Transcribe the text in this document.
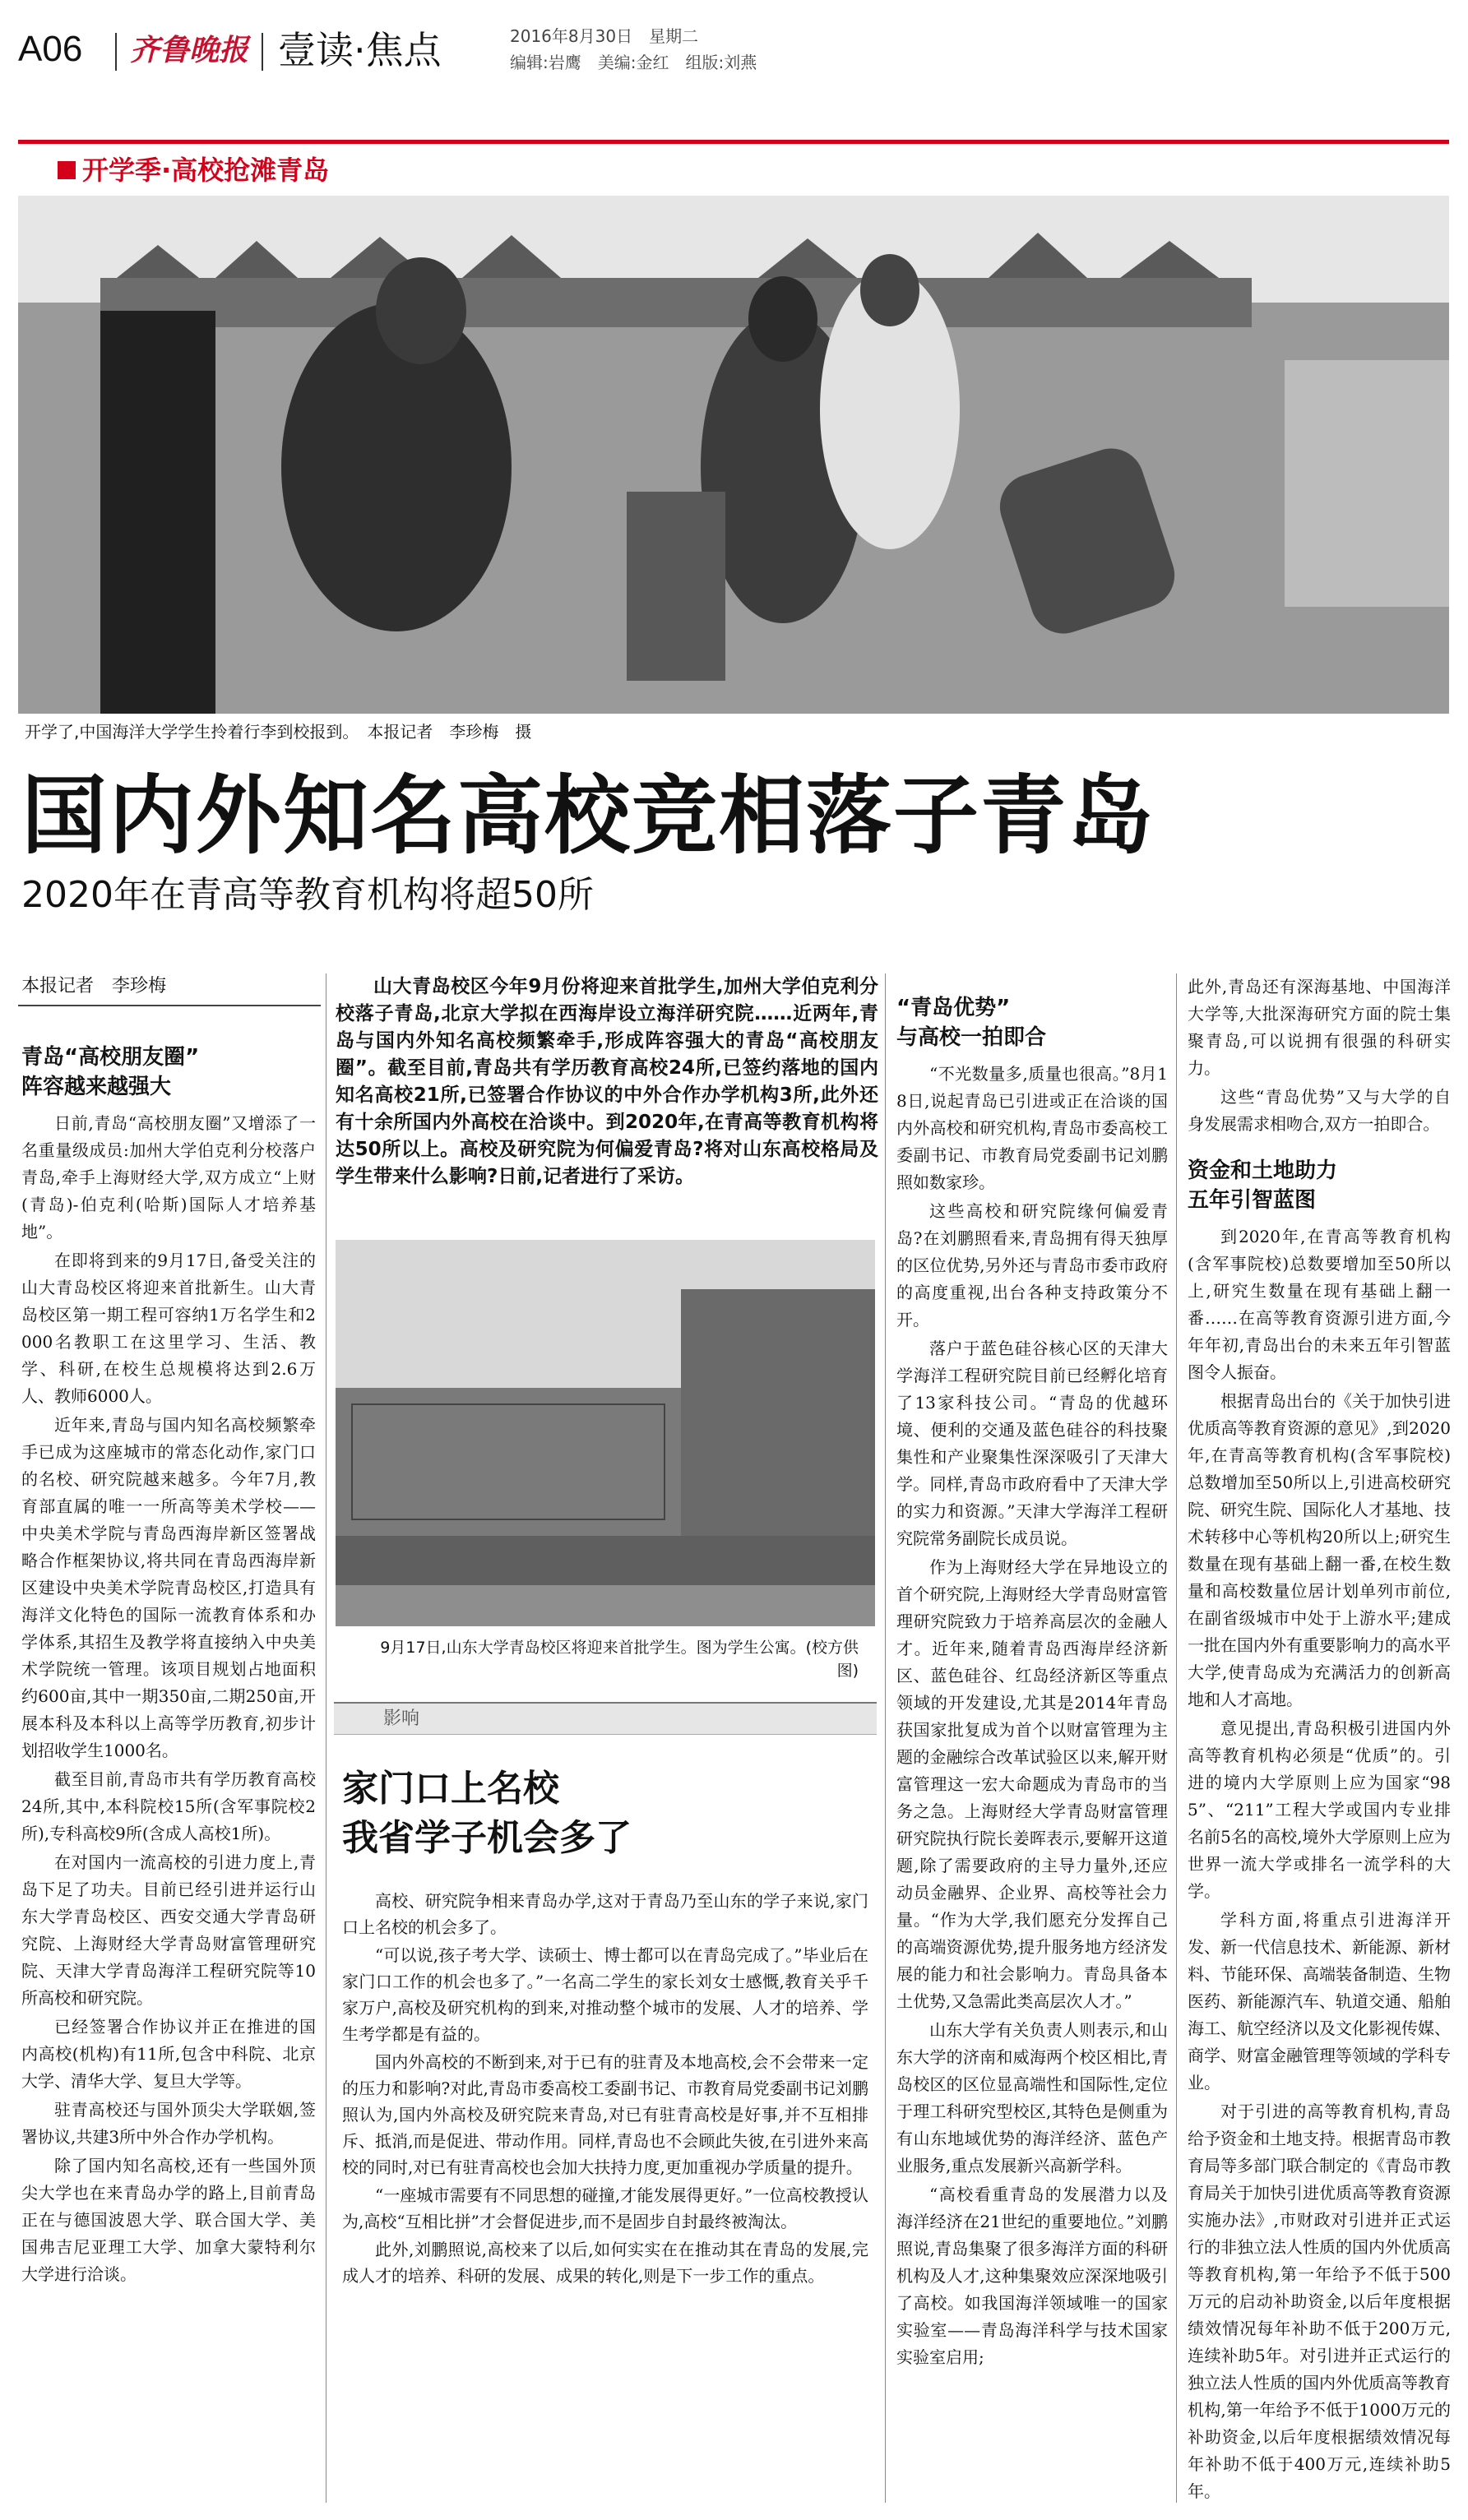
A06 齐鲁晚报 壹读·焦点	2016年8月30日　星期二
编辑:岩鹰　美编:金红　组版:刘燕
开学季·高校抢滩青岛
开学了,中国海洋大学学生拎着行李到校报到。　本报记者　李珍梅　摄
国内外知名高校竞相落子青岛
2020年在青高等教育机构将超50所
本报记者　李珍梅
青岛“高校朋友圈”
阵容越来越强大

日前,青岛“高校朋友圈”又增添了一名重量级成员:加州大学伯克利分校落户青岛,牵手上海财经大学,双方成立“上财(青岛)-伯克利(哈斯)国际人才培养基地”。

在即将到来的9月17日,备受关注的山大青岛校区将迎来首批新生。山大青岛校区第一期工程可容纳1万名学生和2000名教职工在这里学习、生活、教学、科研,在校生总规模将达到2.6万人、教师6000人。

近年来,青岛与国内知名高校频繁牵手已成为这座城市的常态化动作,家门口的名校、研究院越来越多。今年7月,教育部直属的唯一一所高等美术学校——中央美术学院与青岛西海岸新区签署战略合作框架协议,将共同在青岛西海岸新区建设中央美术学院青岛校区,打造具有海洋文化特色的国际一流教育体系和办学体系,其招生及教学将直接纳入中央美术学院统一管理。该项目规划占地面积约600亩,其中一期350亩,二期250亩,开展本科及本科以上高等学历教育,初步计划招收学生1000名。

截至目前,青岛市共有学历教育高校24所,其中,本科院校15所(含军事院校2所),专科高校9所(含成人高校1所)。

在对国内一流高校的引进力度上,青岛下足了功夫。目前已经引进并运行山东大学青岛校区、西安交通大学青岛研究院、上海财经大学青岛财富管理研究院、天津大学青岛海洋工程研究院等10所高校和研究院。

已经签署合作协议并正在推进的国内高校(机构)有11所,包含中科院、北京大学、清华大学、复旦大学等。

驻青高校还与国外顶尖大学联姻,签署协议,共建3所中外合作办学机构。

除了国内知名高校,还有一些国外顶尖大学也在来青岛办学的路上,目前青岛正在与德国波恩大学、联合国大学、美国弗吉尼亚理工大学、加拿大蒙特利尔大学进行洽谈。

山大青岛校区今年9月份将迎来首批学生,加州大学伯克利分校落子青岛,北京大学拟在西海岸设立海洋研究院……近两年,青岛与国内外知名高校频繁牵手,形成阵容强大的青岛“高校朋友圈”。截至目前,青岛共有学历教育高校24所,已签约落地的国内知名高校21所,已签署合作协议的中外合作办学机构3所,此外还有十余所国内外高校在洽谈中。到2020年,在青高等教育机构将达50所以上。高校及研究院为何偏爱青岛?将对山东高校格局及学生带来什么影响?日前,记者进行了采访。
9月17日,山东大学青岛校区将迎来首批学生。图为学生公寓。(校方供图)
影响
家门口上名校
我省学子机会多了

高校、研究院争相来青岛办学,这对于青岛乃至山东的学子来说,家门口上名校的机会多了。

“可以说,孩子考大学、读硕士、博士都可以在青岛完成了。”毕业后在家门口工作的机会也多了。”一名高二学生的家长刘女士感慨,教育关乎千家万户,高校及研究机构的到来,对推动整个城市的发展、人才的培养、学生考学都是有益的。

国内外高校的不断到来,对于已有的驻青及本地高校,会不会带来一定的压力和影响?对此,青岛市委高校工委副书记、市教育局党委副书记刘鹏照认为,国内外高校及研究院来青岛,对已有驻青高校是好事,并不互相排斥、抵消,而是促进、带动作用。同样,青岛也不会顾此失彼,在引进外来高校的同时,对已有驻青高校也会加大扶持力度,更加重视办学质量的提升。

“一座城市需要有不同思想的碰撞,才能发展得更好。”一位高校教授认为,高校“互相比拼”才会督促进步,而不是固步自封最终被淘汰。

此外,刘鹏照说,高校来了以后,如何实实在在推动其在青岛的发展,完成人才的培养、科研的发展、成果的转化,则是下一步工作的重点。

“青岛优势”
与高校一拍即合

“不光数量多,质量也很高。”8月18日,说起青岛已引进或正在洽谈的国内外高校和研究机构,青岛市委高校工委副书记、市教育局党委副书记刘鹏照如数家珍。

这些高校和研究院缘何偏爱青岛?在刘鹏照看来,青岛拥有得天独厚的区位优势,另外还与青岛市委市政府的高度重视,出台各种支持政策分不开。

落户于蓝色硅谷核心区的天津大学海洋工程研究院目前已经孵化培育了13家科技公司。“青岛的优越环境、便利的交通及蓝色硅谷的科技聚集性和产业聚集性深深吸引了天津大学。同样,青岛市政府看中了天津大学的实力和资源。”天津大学海洋工程研究院常务副院长成员说。

作为上海财经大学在异地设立的首个研究院,上海财经大学青岛财富管理研究院致力于培养高层次的金融人才。近年来,随着青岛西海岸经济新区、蓝色硅谷、红岛经济新区等重点领域的开发建设,尤其是2014年青岛获国家批复成为首个以财富管理为主题的金融综合改革试验区以来,解开财富管理这一宏大命题成为青岛市的当务之急。上海财经大学青岛财富管理研究院执行院长姜晖表示,要解开这道题,除了需要政府的主导力量外,还应动员金融界、企业界、高校等社会力量。“作为大学,我们愿充分发挥自己的高端资源优势,提升服务地方经济发展的能力和社会影响力。青岛具备本土优势,又急需此类高层次人才。”

山东大学有关负责人则表示,和山东大学的济南和威海两个校区相比,青岛校区的区位显高端性和国际性,定位于理工科研究型校区,其特色是侧重为有山东地域优势的海洋经济、蓝色产业服务,重点发展新兴高新学科。

“高校看重青岛的发展潜力以及海洋经济在21世纪的重要地位。”刘鹏照说,青岛集聚了很多海洋方面的科研机构及人才,这种集聚效应深深地吸引了高校。如我国海洋领域唯一的国家实验室——青岛海洋科学与技术国家实验室启用;

此外,青岛还有深海基地、中国海洋大学等,大批深海研究方面的院士集聚青岛,可以说拥有很强的科研实力。

这些“青岛优势”又与大学的自身发展需求相吻合,双方一拍即合。

资金和土地助力
五年引智蓝图

到2020年,在青高等教育机构(含军事院校)总数要增加至50所以上,研究生数量在现有基础上翻一番……在高等教育资源引进方面,今年年初,青岛出台的未来五年引智蓝图令人振奋。

根据青岛出台的《关于加快引进优质高等教育资源的意见》,到2020年,在青高等教育机构(含军事院校)总数增加至50所以上,引进高校研究院、研究生院、国际化人才基地、技术转移中心等机构20所以上;研究生数量在现有基础上翻一番,在校生数量和高校数量位居计划单列市前位,在副省级城市中处于上游水平;建成一批在国内外有重要影响力的高水平大学,使青岛成为充满活力的创新高地和人才高地。

意见提出,青岛积极引进国内外高等教育机构必须是“优质”的。引进的境内大学原则上应为国家“985”、“211”工程大学或国内专业排名前5名的高校,境外大学原则上应为世界一流大学或排名一流学科的大学。

学科方面,将重点引进海洋开发、新一代信息技术、新能源、新材料、节能环保、高端装备制造、生物医药、新能源汽车、轨道交通、船舶海工、航空经济以及文化影视传媒、商学、财富金融管理等领域的学科专业。

对于引进的高等教育机构,青岛给予资金和土地支持。根据青岛市教育局等多部门联合制定的《青岛市教育局关于加快引进优质高等教育资源实施办法》,市财政对引进并正式运行的非独立法人性质的国内外优质高等教育机构,第一年给予不低于500万元的启动补助资金,以后年度根据绩效情况每年补助不低于200万元,连续补助5年。对引进并正式运行的独立法人性质的国内外优质高等教育机构,第一年给予不低于1000万元的补助资金,以后年度根据绩效情况每年补助不低于400万元,连续补助5年。
